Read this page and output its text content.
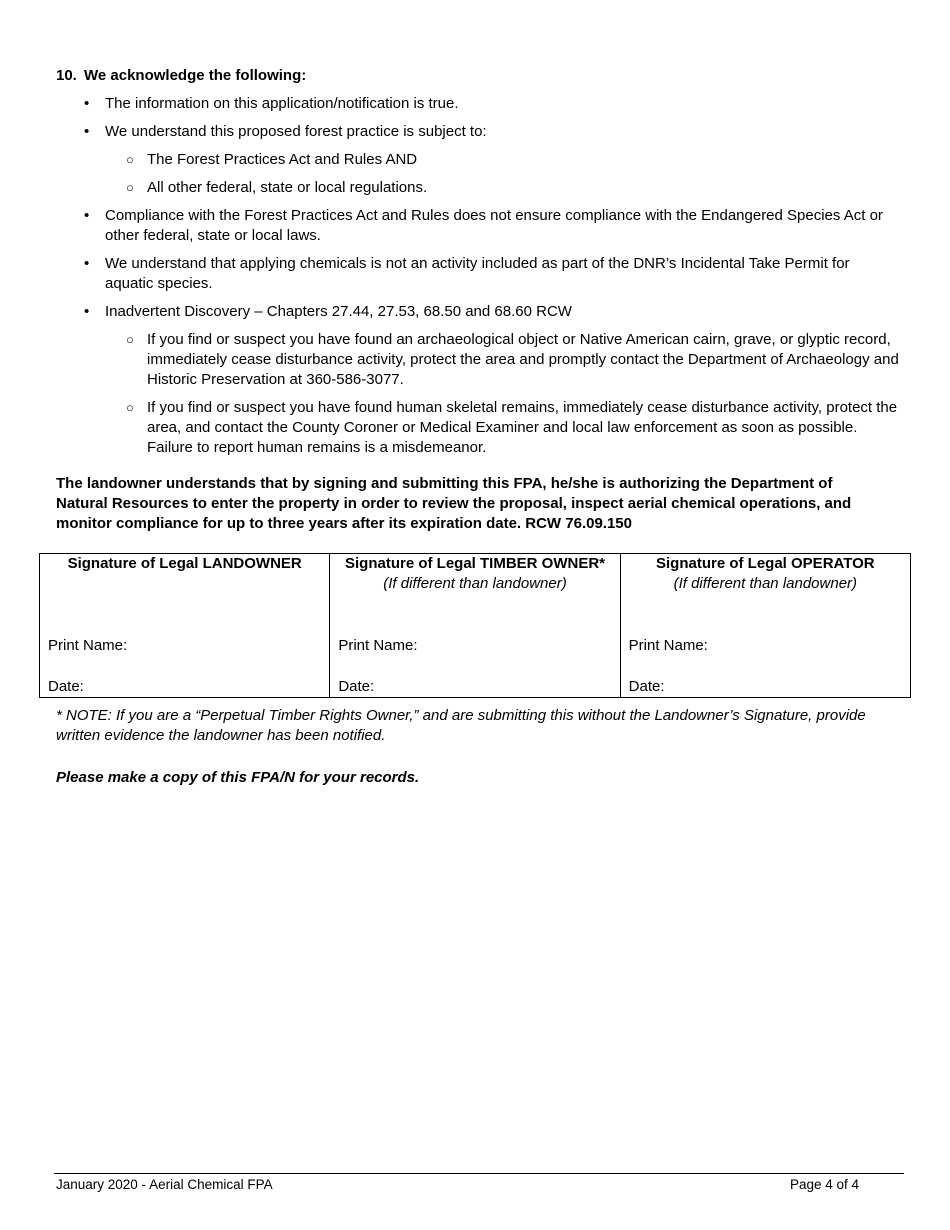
10. We acknowledge the following:
• The information on this application/notification is true.
• We understand this proposed forest practice is subject to:
○ The Forest Practices Act and Rules AND
○ All other federal, state or local regulations.
• Compliance with the Forest Practices Act and Rules does not ensure compliance with the Endangered Species Act or other federal, state or local laws.
• We understand that applying chemicals is not an activity included as part of the DNR’s Incidental Take Permit for aquatic species.
• Inadvertent Discovery – Chapters 27.44, 27.53, 68.50 and 68.60 RCW
○ If you find or suspect you have found an archaeological object or Native American cairn, grave, or glyptic record, immediately cease disturbance activity, protect the area and promptly contact the Department of Archaeology and Historic Preservation at 360-586-3077.
○ If you find or suspect you have found human skeletal remains, immediately cease disturbance activity, protect the area, and contact the County Coroner or Medical Examiner and local law enforcement as soon as possible. Failure to report human remains is a misdemeanor.
The landowner understands that by signing and submitting this FPA, he/she is authorizing the Department of Natural Resources to enter the property in order to review the proposal, inspect aerial chemical operations, and monitor compliance for up to three years after its expiration date. RCW 76.09.150
Signature of Legal LANDOWNER
Print Name:
Date:
Signature of Legal TIMBER OWNER*
(If different than landowner)
Print Name:
Date:
Signature of Legal OPERATOR
(If different than landowner)
Print Name:
Date:
* NOTE: If you are a “Perpetual Timber Rights Owner,” and are submitting this without the Landowner’s Signature, provide written evidence the landowner has been notified.
Please make a copy of this FPA/N for your records.
January 2020 - Aerial Chemical FPA	Page 4 of 4
